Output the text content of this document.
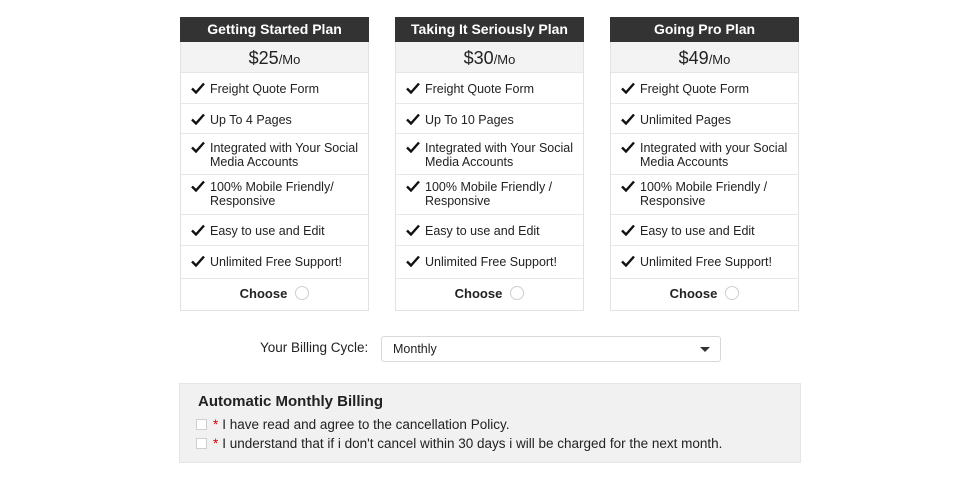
Getting Started Plan
$25/Mo
Freight Quote Form
Up To 4 Pages
Integrated with Your Social Media Accounts
100% Mobile Friendly/ Responsive
Easy to use and Edit
Unlimited Free Support!
Choose
Taking It Seriously Plan
$30/Mo
Freight Quote Form
Up To 10 Pages
Integrated with Your Social Media Accounts
100% Mobile Friendly / Responsive
Easy to use and Edit
Unlimited Free Support!
Choose
Going Pro Plan
$49/Mo
Freight Quote Form
Unlimited Pages
Integrated with your Social Media Accounts
100% Mobile Friendly / Responsive
Easy to use and Edit
Unlimited Free Support!
Choose
Your Billing Cycle: Monthly
Automatic Monthly Billing
* I have read and agree to the cancellation Policy.
* I understand that if i don't cancel within 30 days i will be charged for the next month.
